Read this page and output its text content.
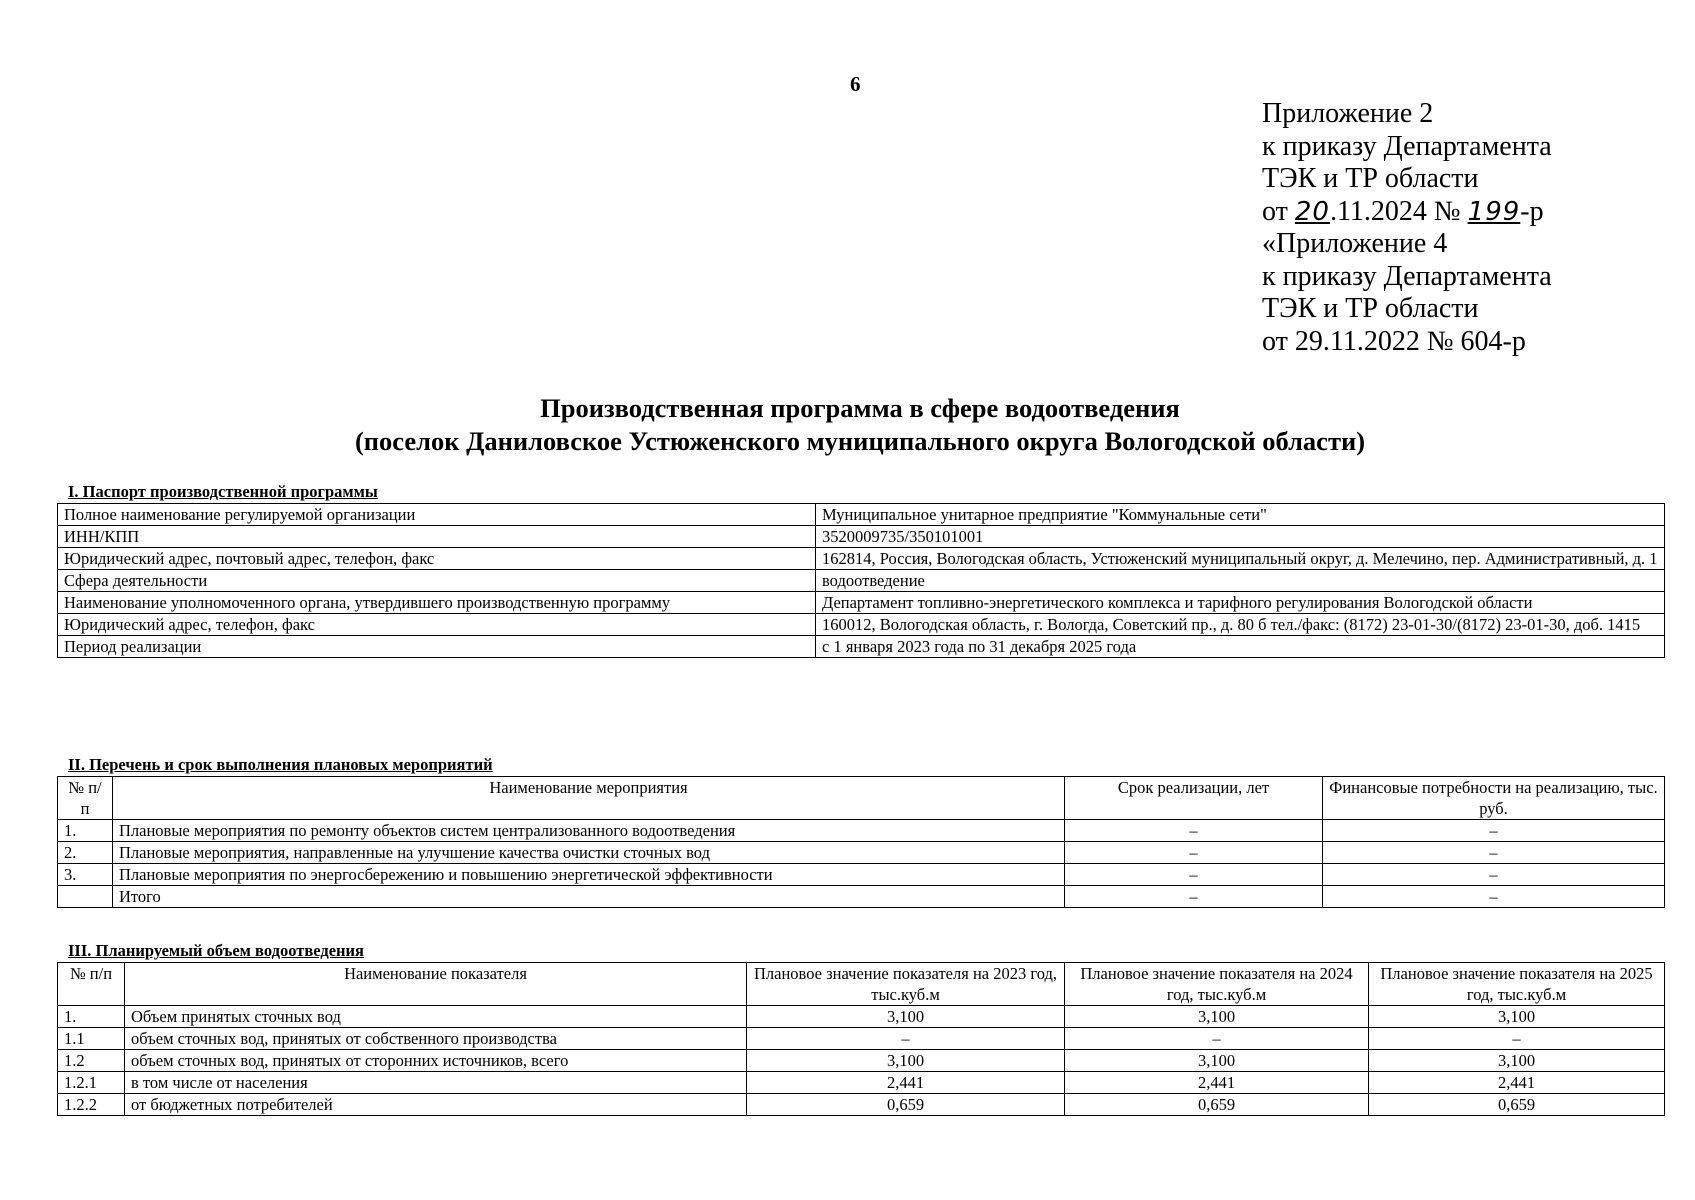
6
Приложение 2
к приказу Департамента
ТЭК и ТР области
от 20.11.2024 № 199-р
«Приложение 4
к приказу Департамента
ТЭК и ТР области
от 29.11.2022 № 604-р
Производственная программа в сфере водоотведения
(поселок Даниловское Устюженского муниципального округа Вологодской области)
I. Паспорт производственной программы
Полное наименование регулируемой организации	Муниципальное унитарное предприятие "Коммунальные сети"
ИНН/КПП	3520009735/350101001
Юридический адрес, почтовый адрес, телефон, факс	162814, Россия, Вологодская область, Устюженский муниципальный округ, д. Мелечино, пер. Административный, д. 1
Сфера деятельности	водоотведение
Наименование уполномоченного органа, утвердившего производственную программу	Департамент топливно-энергетического комплекса и тарифного регулирования Вологодской области
Юридический адрес, телефон, факс	160012, Вологодская область, г. Вологда, Советский пр., д. 80 б тел./факс: (8172) 23-01-30/(8172) 23-01-30, доб. 1415
Период реализации	с 1 января 2023 года по 31 декабря 2025 года
II. Перечень и срок выполнения плановых мероприятий
№ п/п	Наименование мероприятия	Срок реализации, лет	Финансовые потребности на реализацию, тыс. руб.
1.	Плановые мероприятия по ремонту объектов систем централизованного водоотведения	–	–
2.	Плановые мероприятия, направленные на улучшение качества очистки сточных вод	–	–
3.	Плановые мероприятия по энергосбережению и повышению энергетической эффективности	–	–
	Итого	–	–
III. Планируемый объем водоотведения
№ п/п	Наименование показателя	Плановое значение показателя на 2023 год, тыс.куб.м	Плановое значение показателя на 2024 год, тыс.куб.м	Плановое значение показателя на 2025 год, тыс.куб.м
1.	Объем принятых сточных вод	3,100	3,100	3,100
1.1	объем сточных вод, принятых от собственного производства	–	–	–
1.2	объем сточных вод, принятых от сторонних источников, всего	3,100	3,100	3,100
1.2.1	в том числе от населения	2,441	2,441	2,441
1.2.2	от бюджетных потребителей	0,659	0,659	0,659
